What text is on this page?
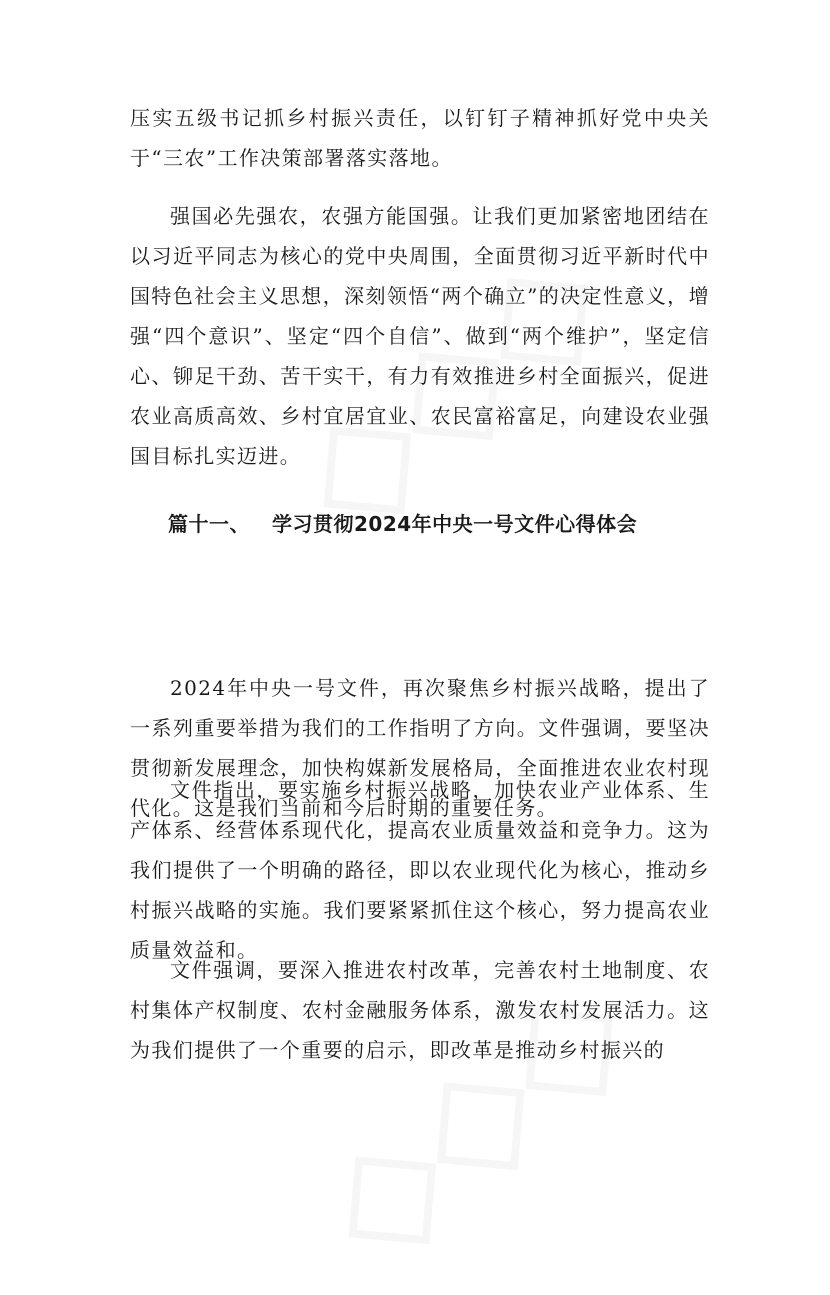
压实五级书记抓乡村振兴责任，以钉钉子精神抓好党中央关于“三农”工作决策部署落实落地。

强国必先强农，农强方能国强。让我们更加紧密地团结在以习近平同志为核心的党中央周围，全面贯彻习近平新时代中国特色社会主义思想，深刻领悟“两个确立”的决定性意义，增强“四个意识”、坚定“四个自信”、做到“两个维护”，坚定信心、铆足干劲、苦干实干，有力有效推进乡村全面振兴，促进农业高质高效、乡村宜居宜业、农民富裕富足，向建设农业强国目标扎实迈进。

篇十一、 学习贯彻2024年中央一号文件心得体会

2024年中央一号文件，再次聚焦乡村振兴战略，提出了一系列重要举措为我们的工作指明了方向。文件强调，要坚决贯彻新发展理念，加快构媒新发展格局，全面推进农业农村现代化。这是我们当前和今后时期的重要任务。

文件指出，要实施乡村振兴战略，加快农业产业体系、生产体系、经营体系现代化，提高农业质量效益和竞争力。这为我们提供了一个明确的路径，即以农业现代化为核心，推动乡村振兴战略的实施。我们要紧紧抓住这个核心，努力提高农业质量效益和。

文件强调，要深入推进农村改革，完善农村土地制度、农村集体产权制度、农村金融服务体系，激发农村发展活力。这为我们提供了一个重要的启示，即改革是推动乡村振兴的
